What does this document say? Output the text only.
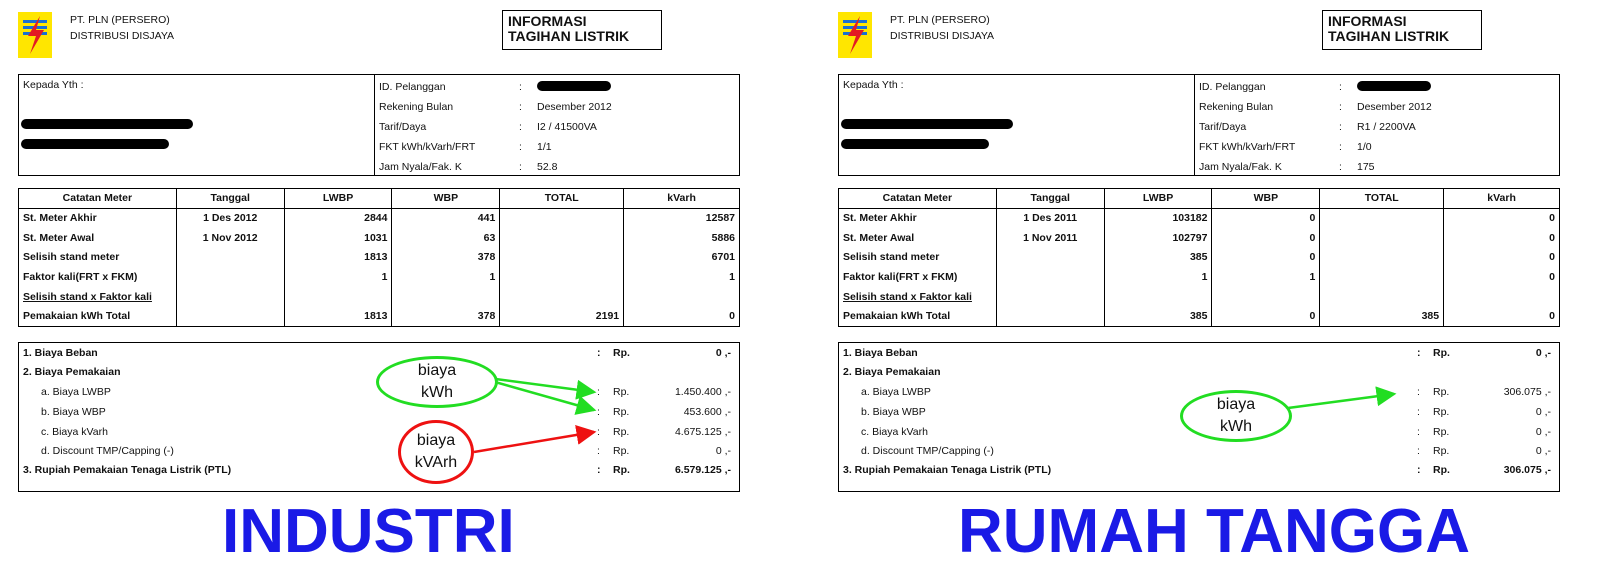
PT. PLN (PERSERO)
DISTRIBUSI DISJAYA
INFORMASI
TAGIHAN LISTRIK
Kepada Yth :	ID. Pelanggan	:
Rekening Bulan	:	Desember 2012
Tarif/Daya	:	I2 / 41500VA
FKT kWh/kVarh/FRT	:	1/1
Jam Nyala/Fak. K	:	52.8
Catatan Meter	Tanggal	LWBP	WBP	TOTAL	kVarh
St. Meter Akhir	1 Des 2012	2844	441		12587
St. Meter Awal	1 Nov 2012	1031	63		5886
Selisih stand meter		1813	378		6701
Faktor kali(FRT x FKM)		1	1		1
Selisih stand x Faktor kali					
Pemakaian kWh Total		1813	378	2191	0
1. Biaya Beban	: Rp.	0 ,-
2. Biaya Pemakaian
a. Biaya LWBP	: Rp.	1.450.400 ,-
b. Biaya WBP	: Rp.	453.600 ,-
c. Biaya kVarh	: Rp.	4.675.125 ,-
d. Discount TMP/Capping (-)	: Rp.	0 ,-
3. Rupiah Pemakaian Tenaga Listrik (PTL)	: Rp.	6.579.125 ,-
biaya
kWh
biaya
kVArh
INDUSTRI
PT. PLN (PERSERO)
DISTRIBUSI DISJAYA
INFORMASI
TAGIHAN LISTRIK
Kepada Yth :	ID. Pelanggan	:
Rekening Bulan	:	Desember 2012
Tarif/Daya	:	R1 / 2200VA
FKT kWh/kVarh/FRT	:	1/0
Jam Nyala/Fak. K	:	175
Catatan Meter	Tanggal	LWBP	WBP	TOTAL	kVarh
St. Meter Akhir	1 Des 2011	103182	0		0
St. Meter Awal	1 Nov 2011	102797	0		0
Selisih stand meter		385	0		0
Faktor kali(FRT x FKM)		1	1		0
Selisih stand x Faktor kali					
Pemakaian kWh Total		385	0	385	0
1. Biaya Beban	: Rp.	0 ,-
2. Biaya Pemakaian
a. Biaya LWBP	: Rp.	306.075 ,-
b. Biaya WBP	: Rp.	0 ,-
c. Biaya kVarh	: Rp.	0 ,-
d. Discount TMP/Capping (-)	: Rp.	0 ,-
3. Rupiah Pemakaian Tenaga Listrik (PTL)	: Rp.	306.075 ,-
biaya
kWh
RUMAH TANGGA
